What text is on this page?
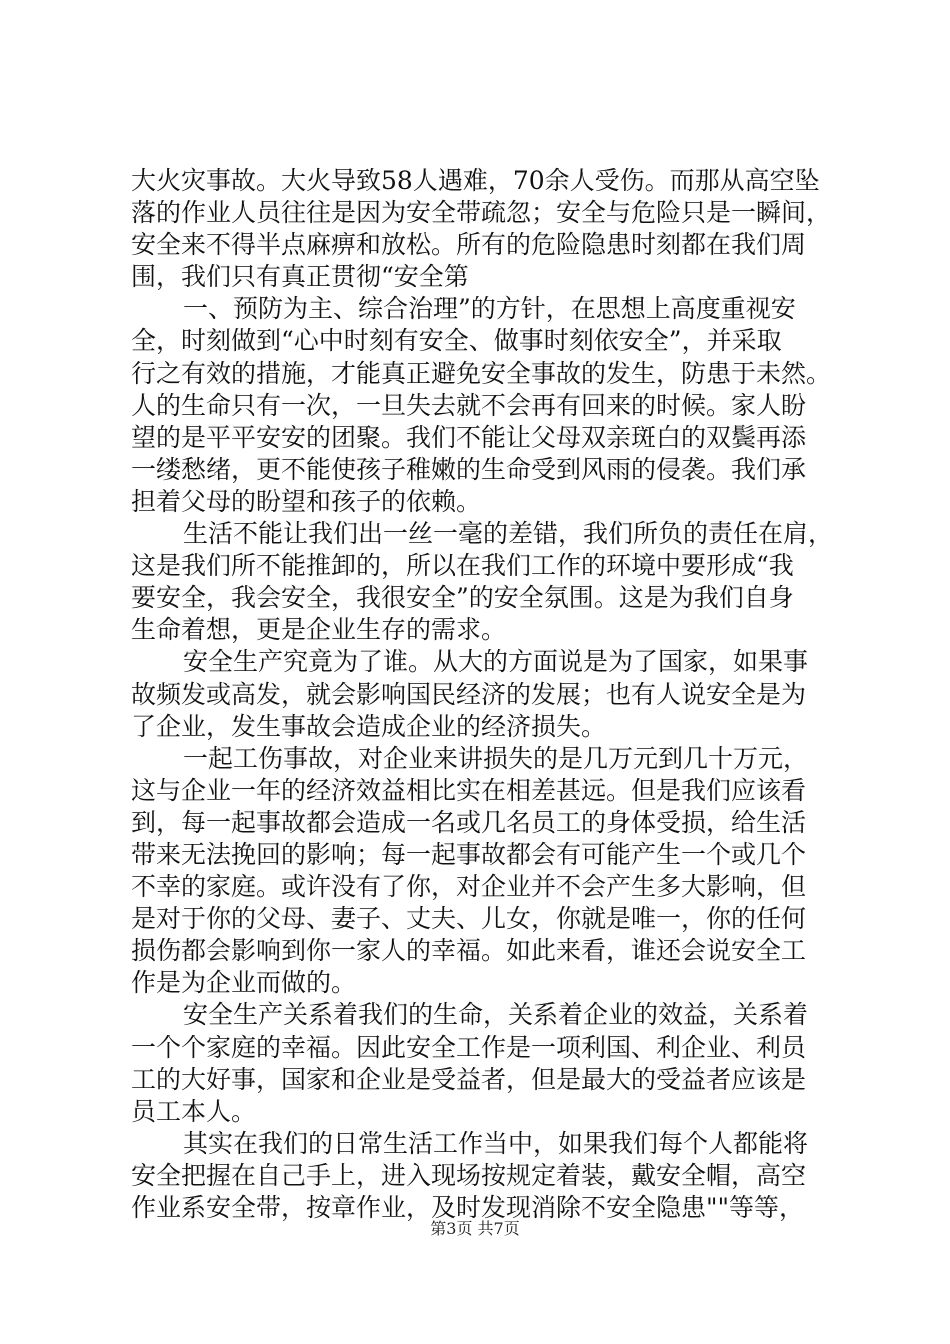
大火灾事故。大火导致58人遇难，70余人受伤。而那从高空坠
落的作业人员往往是因为安全带疏忽；安全与危险只是一瞬间，
安全来不得半点麻痹和放松。所有的危险隐患时刻都在我们周
围，我们只有真正贯彻“安全第
一、预防为主、综合治理”的方针，在思想上高度重视安
全，时刻做到“心中时刻有安全、做事时刻依安全”，并采取
行之有效的措施，才能真正避免安全事故的发生，防患于未然。
人的生命只有一次，一旦失去就不会再有回来的时候。家人盼
望的是平平安安的团聚。我们不能让父母双亲斑白的双鬓再添
一缕愁绪，更不能使孩子稚嫩的生命受到风雨的侵袭。我们承
担着父母的盼望和孩子的依赖。
生活不能让我们出一丝一毫的差错，我们所负的责任在肩，
这是我们所不能推卸的，所以在我们工作的环境中要形成“我
要安全，我会安全，我很安全”的安全氛围。这是为我们自身
生命着想，更是企业生存的需求。
安全生产究竟为了谁。从大的方面说是为了国家，如果事
故频发或高发，就会影响国民经济的发展；也有人说安全是为
了企业，发生事故会造成企业的经济损失。
一起工伤事故，对企业来讲损失的是几万元到几十万元，
这与企业一年的经济效益相比实在相差甚远。但是我们应该看
到，每一起事故都会造成一名或几名员工的身体受损，给生活
带来无法挽回的影响；每一起事故都会有可能产生一个或几个
不幸的家庭。或许没有了你，对企业并不会产生多大影响，但
是对于你的父母、妻子、丈夫、儿女，你就是唯一，你的任何
损伤都会影响到你一家人的幸福。如此来看，谁还会说安全工
作是为企业而做的。
安全生产关系着我们的生命，关系着企业的效益，关系着
一个个家庭的幸福。因此安全工作是一项利国、利企业、利员
工的大好事，国家和企业是受益者，但是最大的受益者应该是
员工本人。
其实在我们的日常生活工作当中，如果我们每个人都能将
安全把握在自己手上，进入现场按规定着装，戴安全帽，高空
作业系安全带，按章作业，及时发现消除不安全隐患""等等，
第3页 共7页
